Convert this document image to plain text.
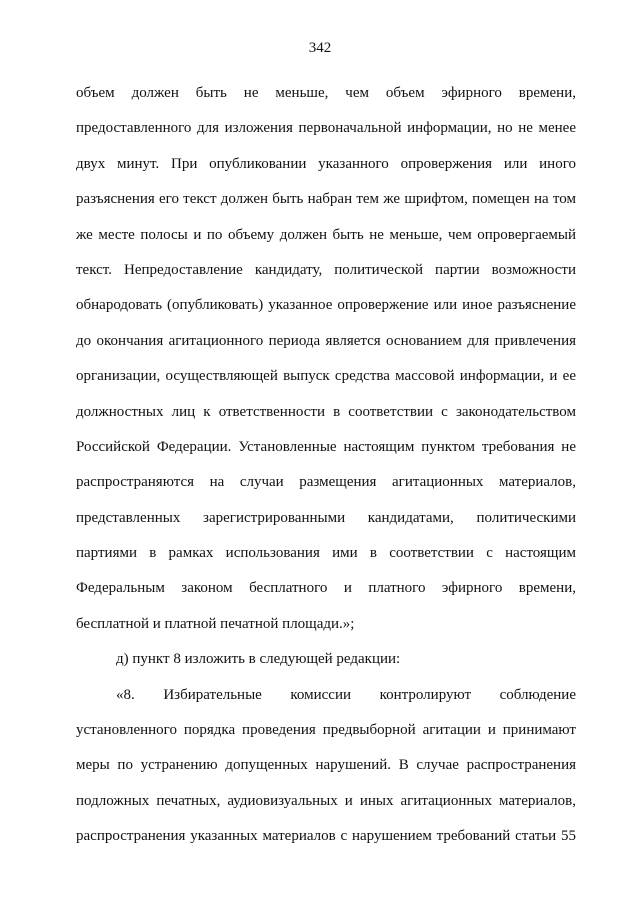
342

объем должен быть не меньше, чем объем эфирного времени,
предоставленного для изложения первоначальной информации, но не менее
двух минут. При опубликовании указанного опровержения или иного
разъяснения его текст должен быть набран тем же шрифтом, помещен на том
же месте полосы и по объему должен быть не меньше, чем опровергаемый
текст. Непредоставление кандидату, политической партии возможности
обнародовать (опубликовать) указанное опровержение или иное разъяснение
до окончания агитационного периода является основанием для привлечения
организации, осуществляющей выпуск средства массовой информации, и ее
должностных лиц к ответственности в соответствии с законодательством
Российской Федерации. Установленные настоящим пунктом требования не
распространяются на случаи размещения агитационных материалов,
представленных зарегистрированными кандидатами, политическими
партиями в рамках использования ими в соответствии с настоящим
Федеральным законом бесплатного и платного эфирного времени,
бесплатной и платной печатной площади.»;

д) пункт 8 изложить в следующей редакции:

«8. Избирательные комиссии контролируют соблюдение
установленного порядка проведения предвыборной агитации и принимают
меры по устранению допущенных нарушений. В случае распространения
подложных печатных, аудиовизуальных и иных агитационных материалов,
распространения указанных материалов с нарушением требований статьи 55
